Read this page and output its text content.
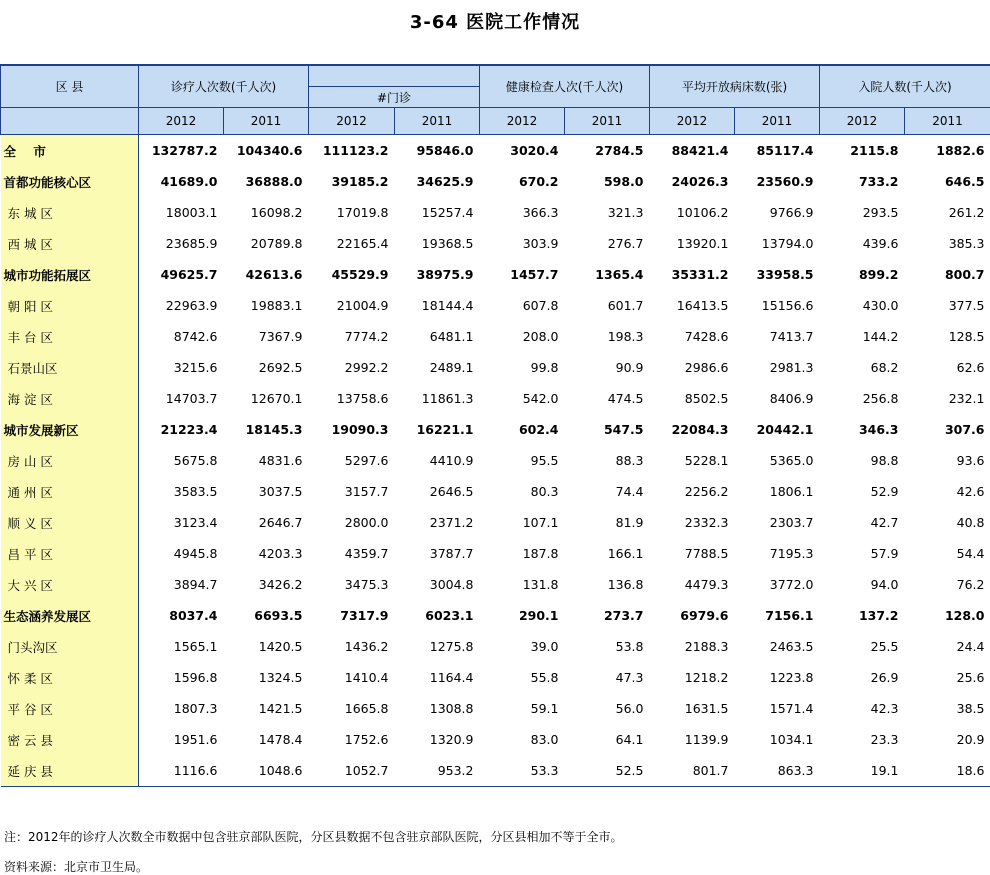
3-64 医院工作情况
区 县	诊疗人次数(千人次)				健康检查人次(千人次)		平均开放病床数(张)		入院人数(千人次)	
			#门诊							
	2012	2011	2012	2011	2012	2011	2012	2011	2012	2011
全    市	132787.2	104340.6	111123.2	95846.0	3020.4	2784.5	88421.4	85117.4	2115.8	1882.6
首都功能核心区	41689.0	36888.0	39185.2	34625.9	670.2	598.0	24026.3	23560.9	733.2	646.5
东 城 区	18003.1	16098.2	17019.8	15257.4	366.3	321.3	10106.2	9766.9	293.5	261.2
西 城 区	23685.9	20789.8	22165.4	19368.5	303.9	276.7	13920.1	13794.0	439.6	385.3
城市功能拓展区	49625.7	42613.6	45529.9	38975.9	1457.7	1365.4	35331.2	33958.5	899.2	800.7
朝 阳 区	22963.9	19883.1	21004.9	18144.4	607.8	601.7	16413.5	15156.6	430.0	377.5
丰 台 区	8742.6	7367.9	7774.2	6481.1	208.0	198.3	7428.6	7413.7	144.2	128.5
石景山区	3215.6	2692.5	2992.2	2489.1	99.8	90.9	2986.6	2981.3	68.2	62.6
海 淀 区	14703.7	12670.1	13758.6	11861.3	542.0	474.5	8502.5	8406.9	256.8	232.1
城市发展新区	21223.4	18145.3	19090.3	16221.1	602.4	547.5	22084.3	20442.1	346.3	307.6
房 山 区	5675.8	4831.6	5297.6	4410.9	95.5	88.3	5228.1	5365.0	98.8	93.6
通 州 区	3583.5	3037.5	3157.7	2646.5	80.3	74.4	2256.2	1806.1	52.9	42.6
顺 义 区	3123.4	2646.7	2800.0	2371.2	107.1	81.9	2332.3	2303.7	42.7	40.8
昌 平 区	4945.8	4203.3	4359.7	3787.7	187.8	166.1	7788.5	7195.3	57.9	54.4
大 兴 区	3894.7	3426.2	3475.3	3004.8	131.8	136.8	4479.3	3772.0	94.0	76.2
生态涵养发展区	8037.4	6693.5	7317.9	6023.1	290.1	273.7	6979.6	7156.1	137.2	128.0
门头沟区	1565.1	1420.5	1436.2	1275.8	39.0	53.8	2188.3	2463.5	25.5	24.4
怀 柔 区	1596.8	1324.5	1410.4	1164.4	55.8	47.3	1218.2	1223.8	26.9	25.6
平 谷 区	1807.3	1421.5	1665.8	1308.8	59.1	56.0	1631.5	1571.4	42.3	38.5
密 云 县	1951.6	1478.4	1752.6	1320.9	83.0	64.1	1139.9	1034.1	23.3	20.9
延 庆 县	1116.6	1048.6	1052.7	953.2	53.3	52.5	801.7	863.3	19.1	18.6
注：2012年的诊疗人次数全市数据中包含驻京部队医院，分区县数据不包含驻京部队医院，分区县相加不等于全市。
资料来源：北京市卫生局。
